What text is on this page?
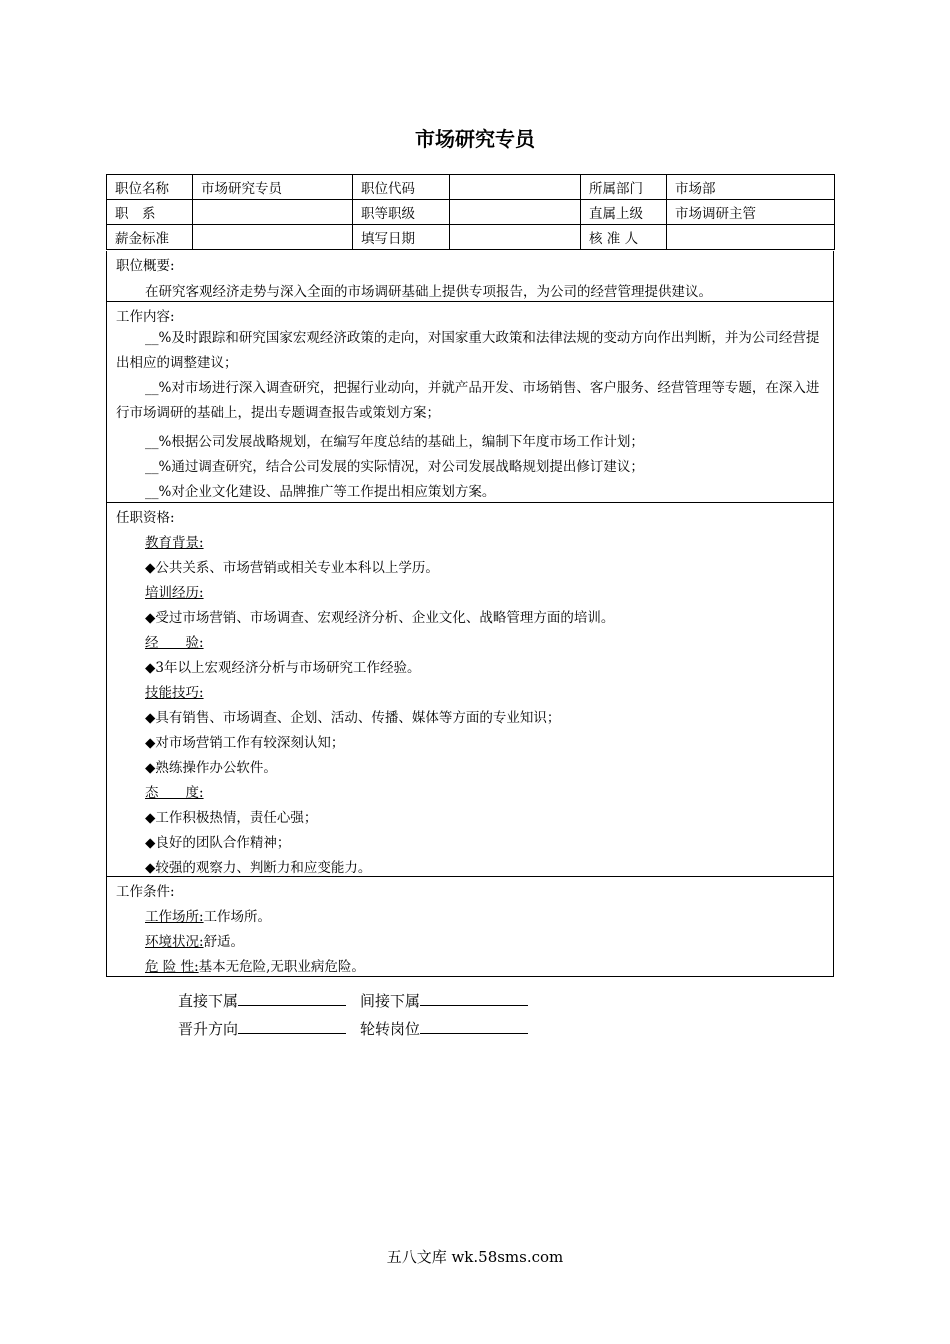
市场研究专员
职位名称	市场研究专员	职位代码		所属部门	市场部
职　系		职等职级		直属上级	市场调研主管
薪金标准		填写日期		核 准 人	
职位概要:
在研究客观经济走势与深入全面的市场调研基础上提供专项报告，为公司的经营管理提供建议。
工作内容:
__%及时跟踪和研究国家宏观经济政策的走向，对国家重大政策和法律法规的变动方向作出判断，并为公司经营提出相应的调整建议；
__%对市场进行深入调查研究，把握行业动向，并就产品开发、市场销售、客户服务、经营管理等专题，在深入进行市场调研的基础上，提出专题调查报告或策划方案；
__%根据公司发展战略规划，在编写年度总结的基础上，编制下年度市场工作计划；
__%通过调查研究，结合公司发展的实际情况，对公司发展战略规划提出修订建议；
__%对企业文化建设、品牌推广等工作提出相应策划方案。
任职资格:
教育背景:
◆公共关系、市场营销或相关专业本科以上学历。
培训经历:
◆受过市场营销、市场调查、宏观经济分析、企业文化、战略管理方面的培训。
经　　验:
◆3年以上宏观经济分析与市场研究工作经验。
技能技巧:
◆具有销售、市场调查、企划、活动、传播、媒体等方面的专业知识；
◆对市场营销工作有较深刻认知；
◆熟练操作办公软件。
态　　度:
◆工作积极热情，责任心强；
◆良好的团队合作精神；
◆较强的观察力、判断力和应变能力。
工作条件:
工作场所:工作场所。
环境状况:舒适。
危 险 性:基本无危险,无职业病危险。
直接下属	间接下属
晋升方向	轮转岗位
五八文库 wk.58sms.com
